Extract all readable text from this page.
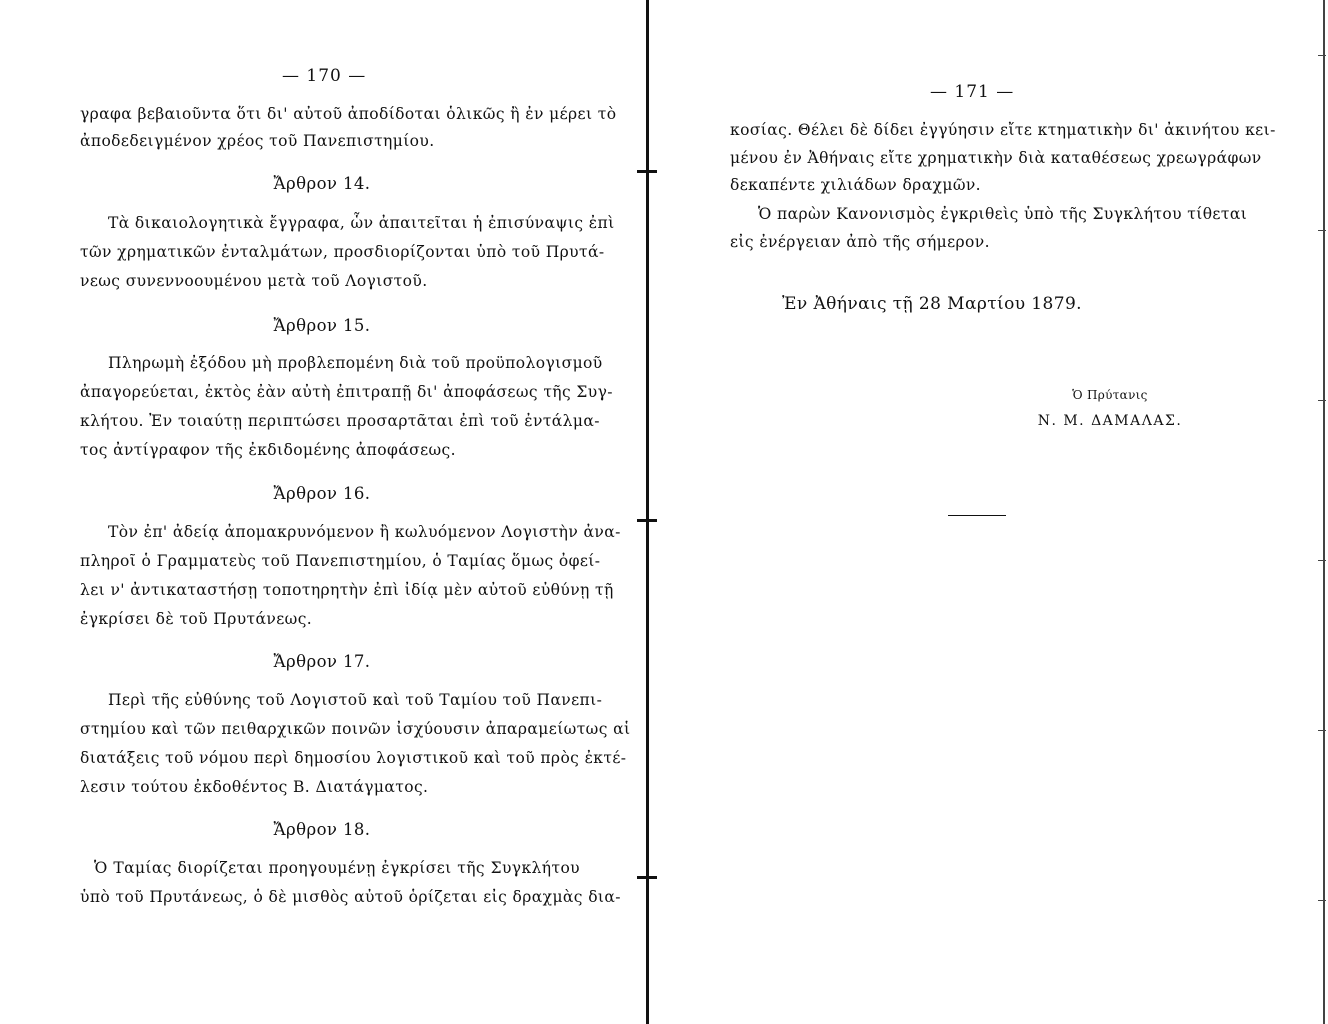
— 170 —
γραφα βεβαιοῦντα ὅτι δι' αὐτοῦ ἀποδίδοται ὁλικῶς ἢ ἐν μέρει τὸ
ἀποδεδειγμένον χρέος τοῦ Πανεπιστημίου.
Ἄρθρον 14.
Τὰ δικαιολογητικὰ ἔγγραφα, ὧν ἀπαιτεῖται ἡ ἐπισύναψις ἐπὶ
τῶν χρηματικῶν ἐνταλμάτων, προσδιορίζονται ὑπὸ τοῦ Πρυτά-
νεως συνεννοουμένου μετὰ τοῦ Λογιστοῦ.
Ἄρθρον 15.
Πληρωμὴ ἐξόδου μὴ προβλεπομένη διὰ τοῦ προϋπολογισμοῦ
ἀπαγορεύεται, ἐκτὸς ἐὰν αὐτὴ ἐπιτραπῇ δι' ἀποφάσεως τῆς Συγ-
κλήτου. Ἐν τοιαύτῃ περιπτώσει προσαρτᾶται ἐπὶ τοῦ ἐντάλμα-
τος ἀντίγραφον τῆς ἐκδιδομένης ἀποφάσεως.
Ἄρθρον 16.
Τὸν ἐπ' ἀδείᾳ ἀπομακρυνόμενον ἢ κωλυόμενον Λογιστὴν ἀνα-
πληροῖ ὁ Γραμματεὺς τοῦ Πανεπιστημίου, ὁ Ταμίας ὅμως ὀφεί-
λει ν' ἀντικαταστήσῃ τοποτηρητὴν ἐπὶ ἰδίᾳ μὲν αὐτοῦ εὐθύνῃ τῇ
ἐγκρίσει δὲ τοῦ Πρυτάνεως.
Ἄρθρον 17.
Περὶ τῆς εὐθύνης τοῦ Λογιστοῦ καὶ τοῦ Ταμίου τοῦ Πανεπι-
στημίου καὶ τῶν πειθαρχικῶν ποινῶν ἰσχύουσιν ἀπαραμείωτως αἱ
διατάξεις τοῦ νόμου περὶ δημοσίου λογιστικοῦ καὶ τοῦ πρὸς ἐκτέ-
λεσιν τούτου ἐκδοθέντος Β. Διατάγματος.
Ἄρθρον 18.
Ὁ Ταμίας διορίζεται προηγουμένῃ ἐγκρίσει τῆς Συγκλήτου
ὑπὸ τοῦ Πρυτάνεως, ὁ δὲ μισθὸς αὐτοῦ ὁρίζεται εἰς δραχμὰς δια-
— 171 —
κοσίας. Θέλει δὲ δίδει ἐγγύησιν εἴτε κτηματικὴν δι' ἀκινήτου κει-
μένου ἐν Ἀθήναις εἴτε χρηματικὴν διὰ καταθέσεως χρεωγράφων
δεκαπέντε χιλιάδων δραχμῶν.
Ὁ παρὼν Κανονισμὸς ἐγκριθεὶς ὑπὸ τῆς Συγκλήτου τίθεται
εἰς ἐνέργειαν ἀπὸ τῆς σήμερον.
Ἐν Ἀθήναις τῇ 28 Μαρτίου 1879.
Ὁ Πρύτανις
Ν. Μ. ΔΑΜΑΛΑΣ.
